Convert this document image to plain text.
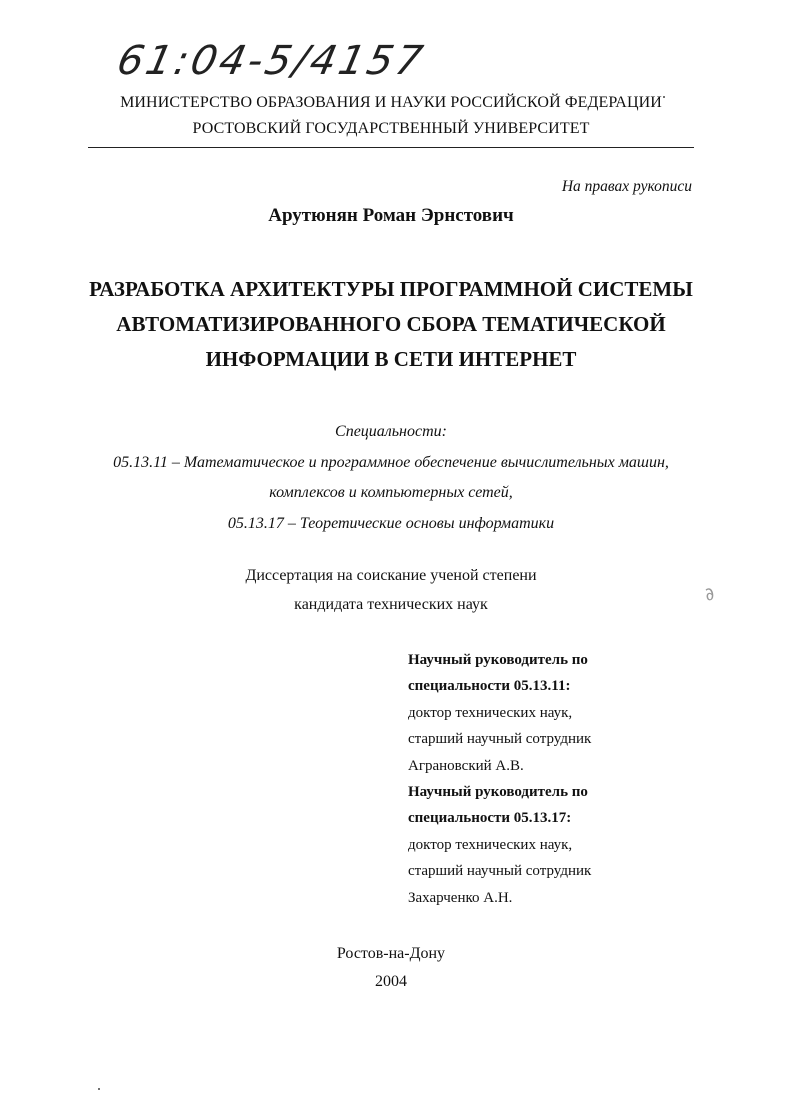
61:04-5/4157
МИНИСТЕРСТВО ОБРАЗОВАНИЯ И НАУКИ РОССИЙСКОЙ ФЕДЕРАЦИИ
РОСТОВСКИЙ ГОСУДАРСТВЕННЫЙ УНИВЕРСИТЕТ
На правах рукописи
Арутюнян Роман Эрнстович
РАЗРАБОТКА АРХИТЕКТУРЫ ПРОГРАММНОЙ СИСТЕМЫ
АВТОМАТИЗИРОВАННОГО СБОРА ТЕМАТИЧЕСКОЙ
ИНФОРМАЦИИ В СЕТИ ИНТЕРНЕТ
Специальности:
05.13.11 – Математическое и программное обеспечение вычислительных машин,
комплексов и компьютерных сетей,
05.13.17 – Теоретические основы информатики
Диссертация на соискание ученой степени
кандидата технических наук
Научный руководитель по
специальности 05.13.11:
доктор технических наук,
старший научный сотрудник
Аграновский А.В.
Научный руководитель по
специальности 05.13.17:
доктор технических наук,
старший научный сотрудник
Захарченко А.Н.
Ростов-на-Дону
2004
∂
